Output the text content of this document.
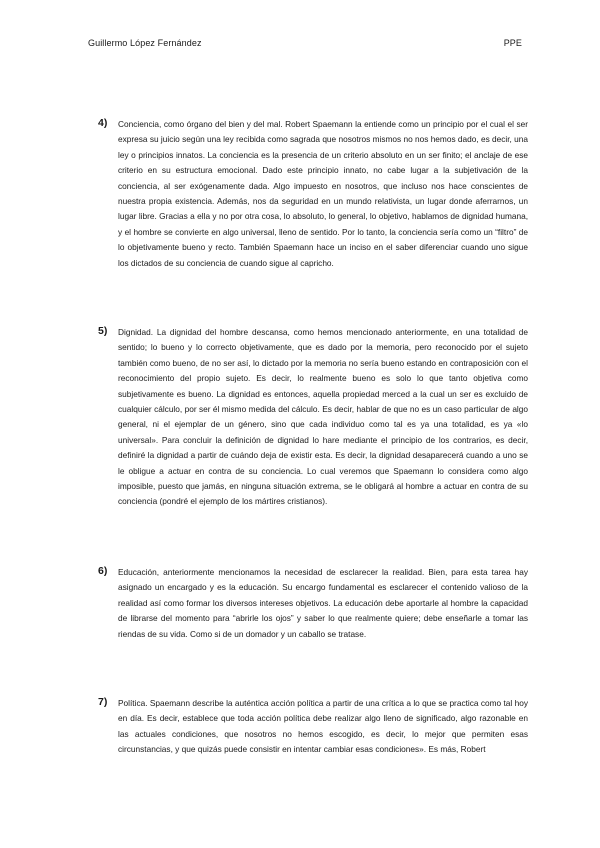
Guillermo López Fernández	PPE
4) Conciencia, como órgano del bien y del mal. Robert Spaemann la entiende como un principio por el cual el ser expresa su juicio según una ley recibida como sagrada que nosotros mismos no nos hemos dado, es decir, una ley o principios innatos. La conciencia es la presencia de un criterio absoluto en un ser finito; el anclaje de ese criterio en su estructura emocional. Dado este principio innato, no cabe lugar a la subjetivación de la conciencia, al ser exógenamente dada. Algo impuesto en nosotros, que incluso nos hace conscientes de nuestra propia existencia. Además, nos da seguridad en un mundo relativista, un lugar donde aferrarnos, un lugar libre. Gracias a ella y no por otra cosa, lo absoluto, lo general, lo objetivo, hablamos de dignidad humana, y el hombre se convierte en algo universal, lleno de sentido. Por lo tanto, la conciencia sería como un “filtro” de lo objetivamente bueno y recto. También Spaemann hace un inciso en el saber diferenciar cuando uno sigue los dictados de su conciencia de cuando sigue al capricho.
5) Dignidad. La dignidad del hombre descansa, como hemos mencionado anteriormente, en una totalidad de sentido; lo bueno y lo correcto objetivamente, que es dado por la memoria, pero reconocido por el sujeto también como bueno, de no ser así, lo dictado por la memoria no sería bueno estando en contraposición con el reconocimiento del propio sujeto. Es decir, lo realmente bueno es solo lo que tanto objetiva como subjetivamente es bueno. La dignidad es entonces, aquella propiedad merced a la cual un ser es excluido de cualquier cálculo, por ser él mismo medida del cálculo. Es decir, hablar de que no es un caso particular de algo general, ni el ejemplar de un género, sino que cada individuo como tal es ya una totalidad, es ya «lo universal». Para concluir la definición de dignidad lo hare mediante el principio de los contrarios, es decir, definiré la dignidad a partir de cuándo deja de existir esta. Es decir, la dignidad desaparecerá cuando a uno se le obligue a actuar en contra de su conciencia. Lo cual veremos que Spaemann lo considera como algo imposible, puesto que jamás, en ninguna situación extrema, se le obligará al hombre a actuar en contra de su conciencia (pondré el ejemplo de los mártires cristianos).
6) Educación, anteriormente mencionamos la necesidad de esclarecer la realidad. Bien, para esta tarea hay asignado un encargado y es la educación. Su encargo fundamental es esclarecer el contenido valioso de la realidad así como formar los diversos intereses objetivos. La educación debe aportarle al hombre la capacidad de librarse del momento para “abrirle los ojos” y saber lo que realmente quiere; debe enseñarle a tomar las riendas de su vida. Como si de un domador y un caballo se tratase.
7) Política. Spaemann describe la auténtica acción política a partir de una crítica a lo que se practica como tal hoy en día. Es decir, establece que toda acción política debe realizar algo lleno de significado, algo razonable en las actuales condiciones, que nosotros no hemos escogido, es decir, lo mejor que permiten esas circunstancias, y que quizás puede consistir en intentar cambiar esas condiciones». Es más, Robert
